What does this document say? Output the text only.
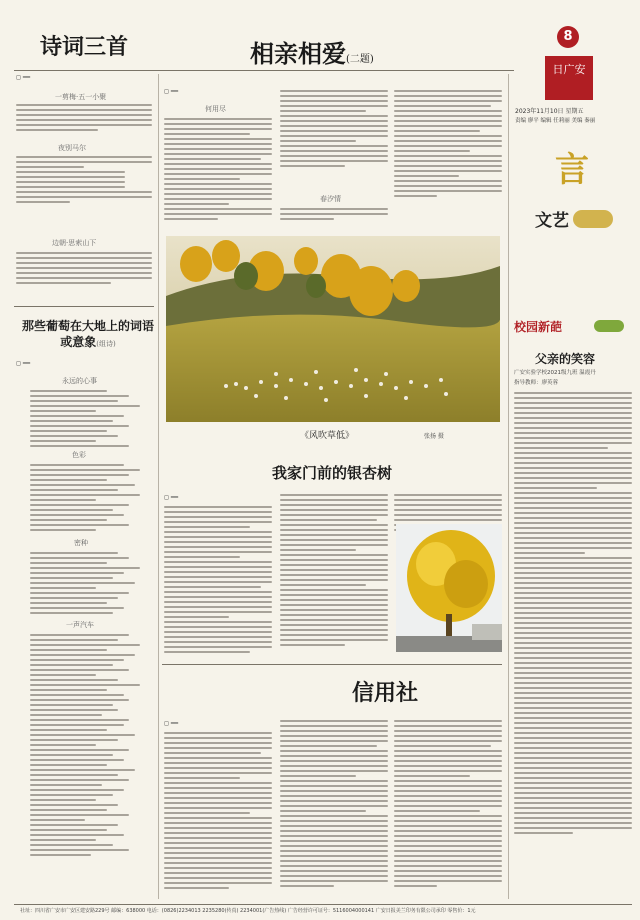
8
日广安
2023年11月10日 星期五
责编 廖平 编辑 任莉丽 美编 秦丽
⾔
文艺
诗词三首
◻ ━━
一剪梅·五一小聚
夜别马尔
边朝·思索山下
那些葡萄在大地上的词语或意象(组诗)
◻ ━━
永远的心事
色彩
密种
一声汽车
相亲相爱(二题)
◻ ━━
何用尽
春汐情
《风吹草低》	张扬 摄
我家门前的银杏树
◻ ━━
信用社
◻ ━━
校园新葩
父亲的笑容
广安实验学校2021级九班 温霞丹
指导教师：廖英蓉
社址：四川省广安市广安区建安路229号 邮编：638000 电话：(0826)2234013 2235280(传真) 2234001(广告热线) 广告经营许可证号：5116004000141 广安日报美兰印务有限公司承印 零售价：1元
